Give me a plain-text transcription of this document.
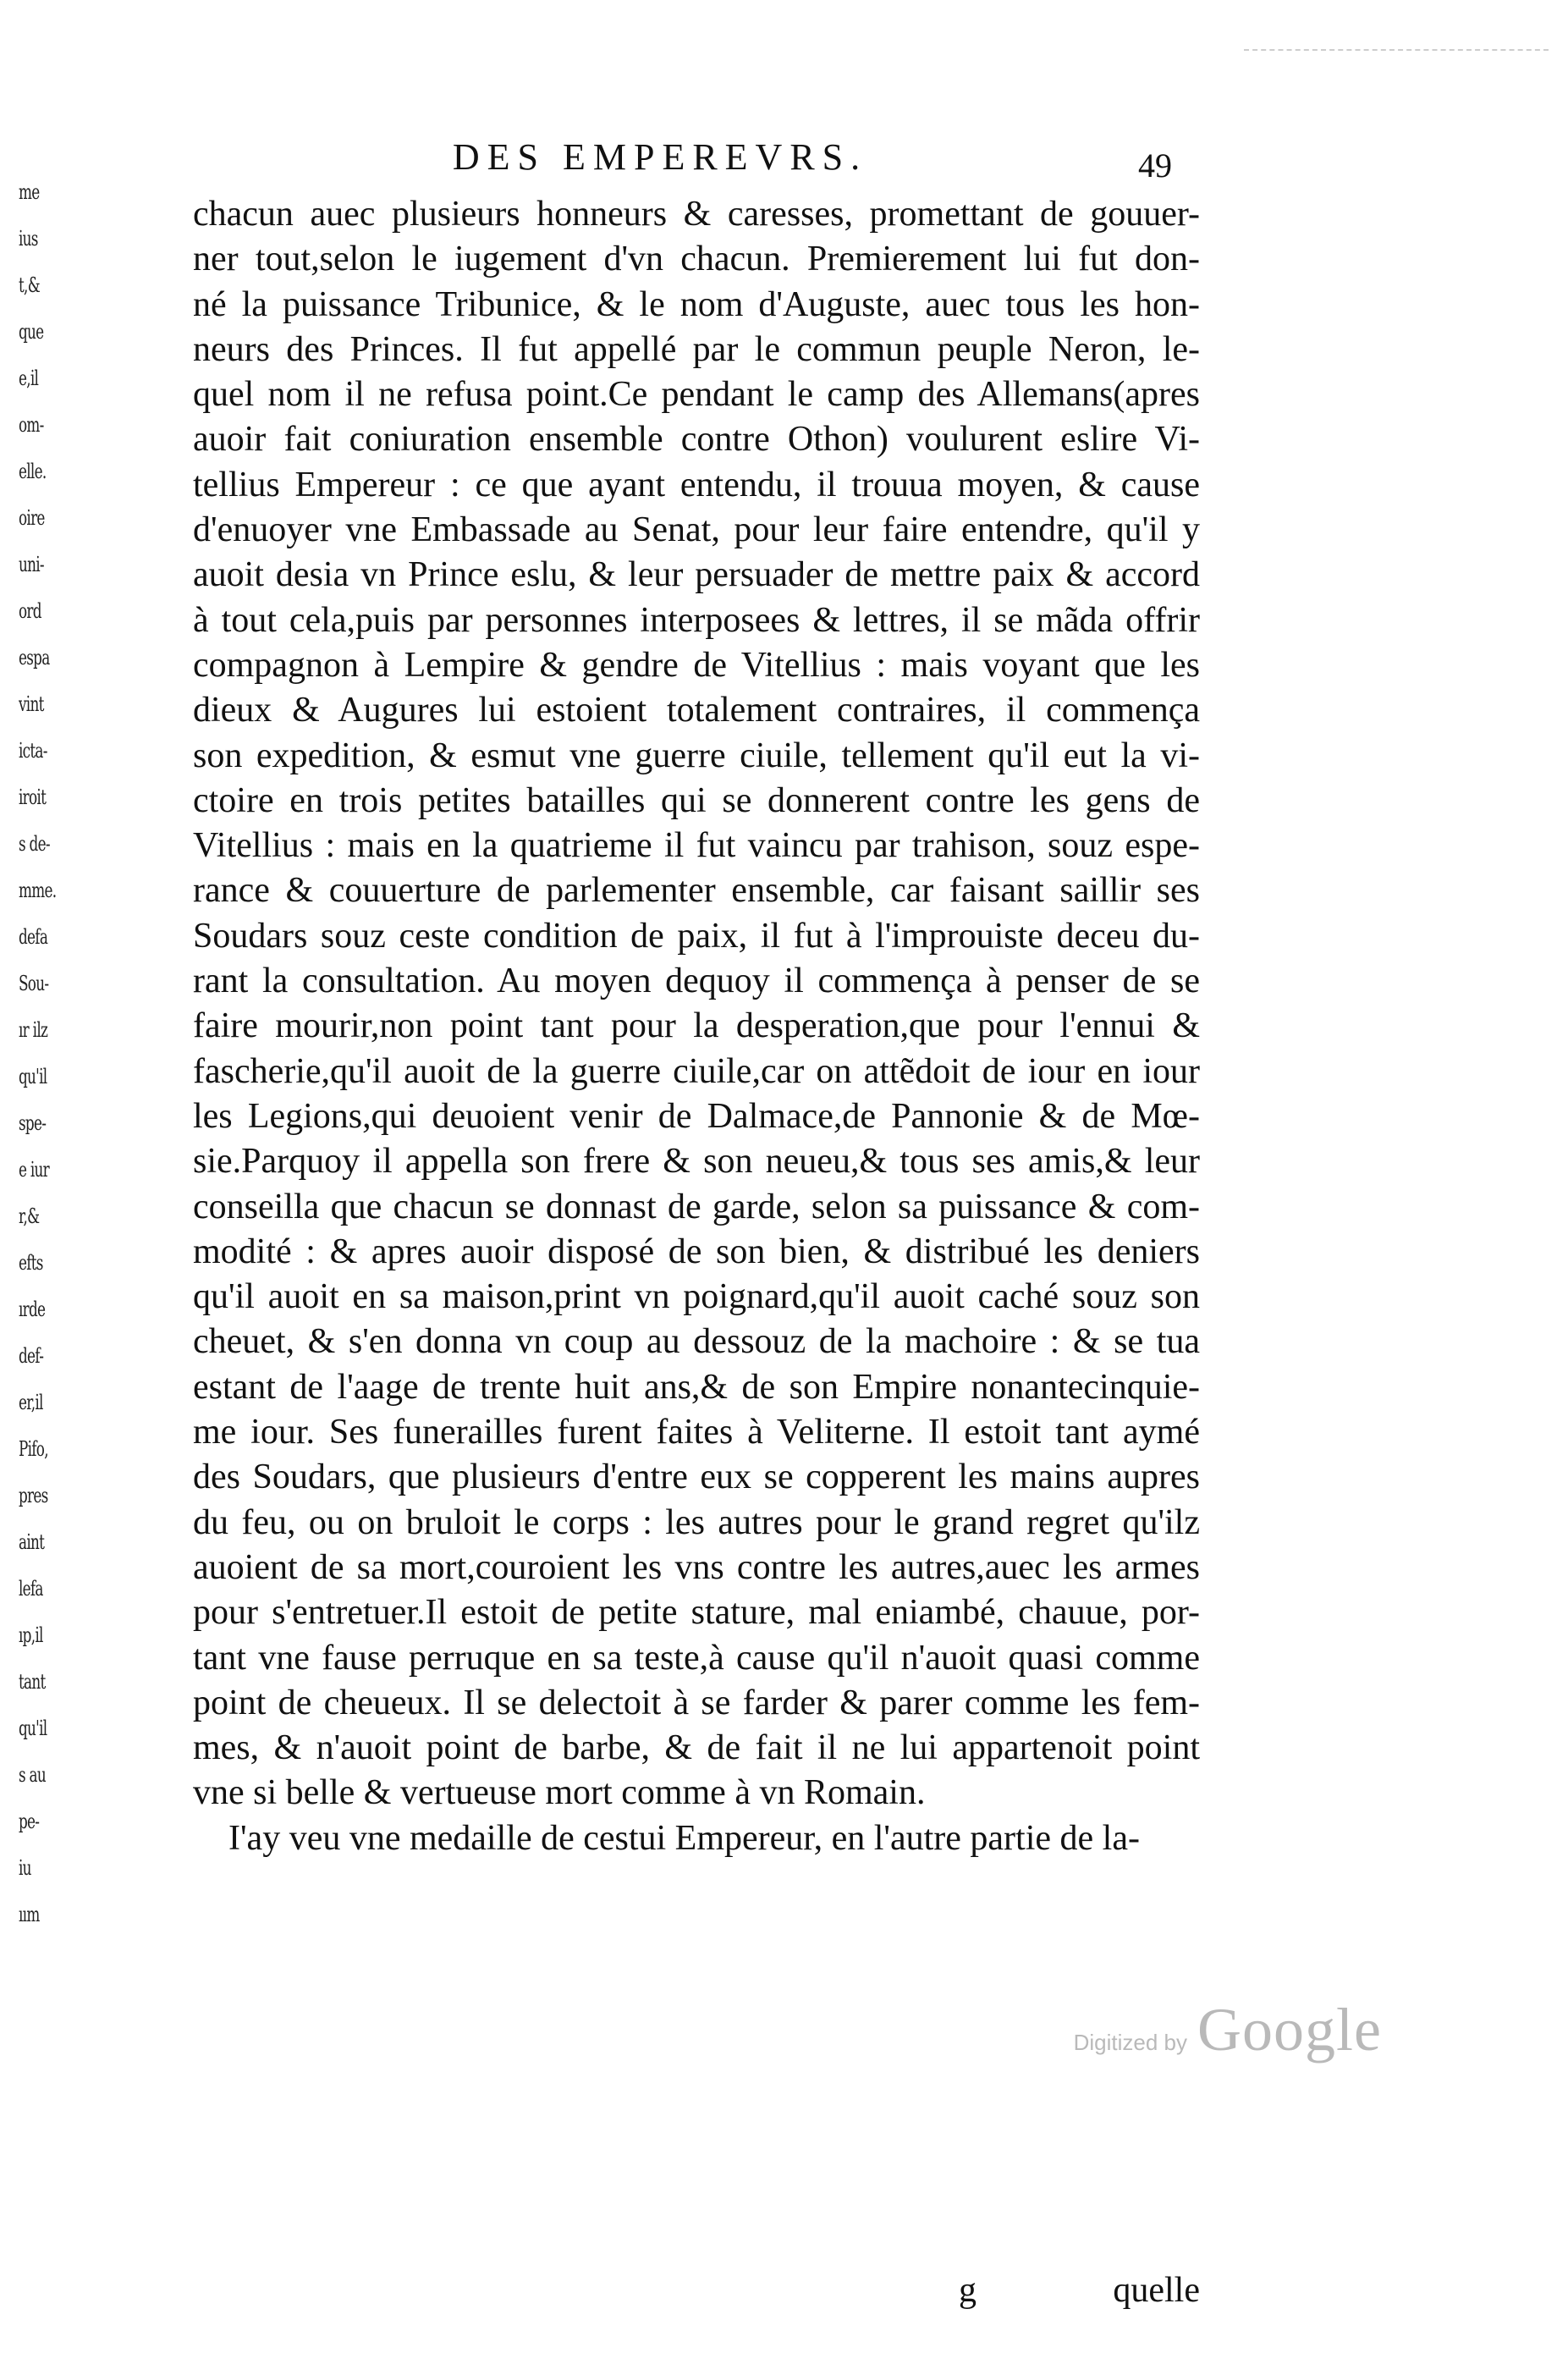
me
ius
t,&
que
e,il
om-
elle.
oire
uni-
ord
espa
vint
icta-
iroit
s de-
mme.
defa
Sou-
ır ilz
qu'il
spe-
e iur
r,&
efts
ırde
def-
er,il
Pifo,
pres
aint
lefa
ıp,il
tant
qu'il
s au
pe-
iu
ıım
DES EMPEREVRS.	49
chacun auec plusieurs honneurs & caresses, promettant de gouuer-
ner tout,selon le iugement d'vn chacun. Premierement lui fut don-
né la puissance Tribunice, & le nom d'Auguste, auec tous les hon-
neurs des Princes. Il fut appellé par le commun peuple Neron, le-
quel nom il ne refusa point.Ce pendant le camp des Allemans(apres
auoir fait coniuration ensemble contre Othon) voulurent eslire Vi-
tellius Empereur : ce que ayant entendu, il trouua moyen, & cause
d'enuoyer vne Embassade au Senat, pour leur faire entendre, qu'il y
auoit desia vn Prince eslu, & leur persuader de mettre paix & accord
à tout cela,puis par personnes interposees & lettres, il se mãda offrir
compagnon à Lempire & gendre de Vitellius : mais voyant que les
dieux & Augures lui estoient totalement contraires, il commença
son expedition, & esmut vne guerre ciuile, tellement qu'il eut la vi-
ctoire en trois petites batailles qui se donnerent contre les gens de
Vitellius : mais en la quatrieme il fut vaincu par trahison, souz espe-
rance & couuerture de parlementer ensemble, car faisant saillir ses
Soudars souz ceste condition de paix, il fut à l'improuiste deceu du-
rant la consultation. Au moyen dequoy il commença à penser de se
faire mourir,non point tant pour la desperation,que pour l'ennui &
fascherie,qu'il auoit de la guerre ciuile,car on attẽdoit de iour en iour
les Legions,qui deuoient venir de Dalmace,de Pannonie & de Mœ-
sie.Parquoy il appella son frere & son neueu,& tous ses amis,& leur
conseilla que chacun se donnast de garde, selon sa puissance & com-
modité : & apres auoir disposé de son bien, & distribué les deniers
qu'il auoit en sa maison,print vn poignard,qu'il auoit caché souz son
cheuet, & s'en donna vn coup au dessouz de la machoire : & se tua
estant de l'aage de trente huit ans,& de son Empire nonantecinquie-
me iour. Ses funerailles furent faites à Veliterne. Il estoit tant aymé
des Soudars, que plusieurs d'entre eux se copperent les mains aupres
du feu, ou on bruloit le corps : les autres pour le grand regret qu'ilz
auoient de sa mort,couroient les vns contre les autres,auec les armes
pour s'entretuer.Il estoit de petite stature, mal eniambé, chauue, por-
tant vne fause perruque en sa teste,à cause qu'il n'auoit quasi comme
point de cheueux. Il se delectoit à se farder & parer comme les fem-
mes, & n'auoit point de barbe, & de fait il ne lui appartenoit point
vne si belle & vertueuse mort comme à vn Romain.
I'ay veu vne medaille de cestui Empereur, en l'autre partie de la-
g	quelle
Digitized by Google
